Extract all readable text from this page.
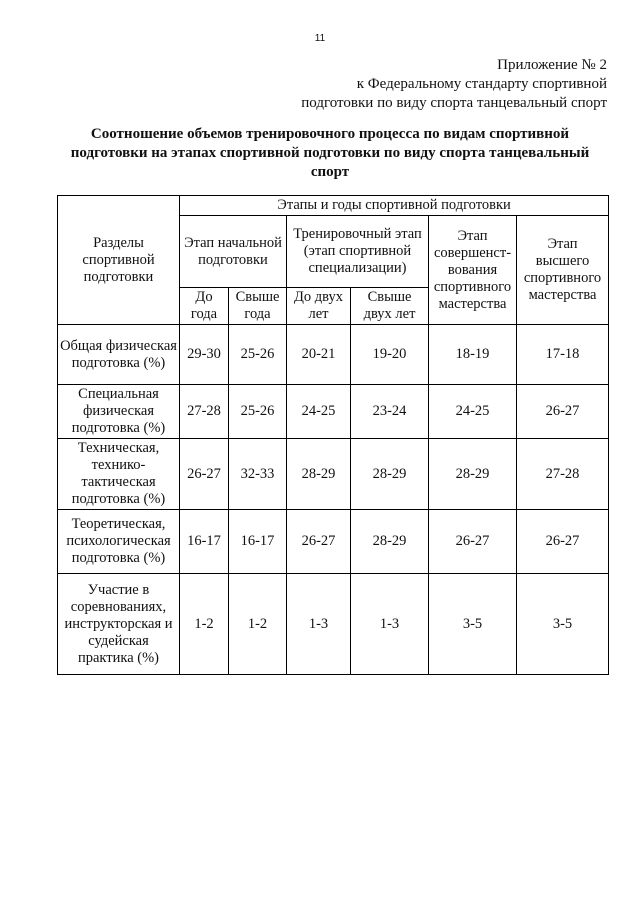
11
Приложение № 2
к Федеральному стандарту спортивной
подготовки по виду спорта танцевальный спорт
Соотношение объемов тренировочного процесса по видам спортивной подготовки на этапах спортивной подготовки по виду спорта танцевальный спорт
Разделы спортивной подготовки	Этапы и годы спортивной подготовки					
	Этап начальной подготовки		Тренировочный этап (этап спортивной специализации)		Этап совершенст-вования спортивного мастерства	Этап высшего спортивного мастерства
	До года	Свыше года	До двух лет	Свыше двух лет		
Общая физическая подготовка (%)	29-30	25-26	20-21	19-20	18-19	17-18
Специальная физическая подготовка (%)	27-28	25-26	24-25	23-24	24-25	26-27
Техническая, технико-тактическая подготовка (%)	26-27	32-33	28-29	28-29	28-29	27-28
Теоретическая, психологическая подготовка (%)	16-17	16-17	26-27	28-29	26-27	26-27
Участие в соревнованиях, инструкторская и судейская практика (%)	1-2	1-2	1-3	1-3	3-5	3-5
